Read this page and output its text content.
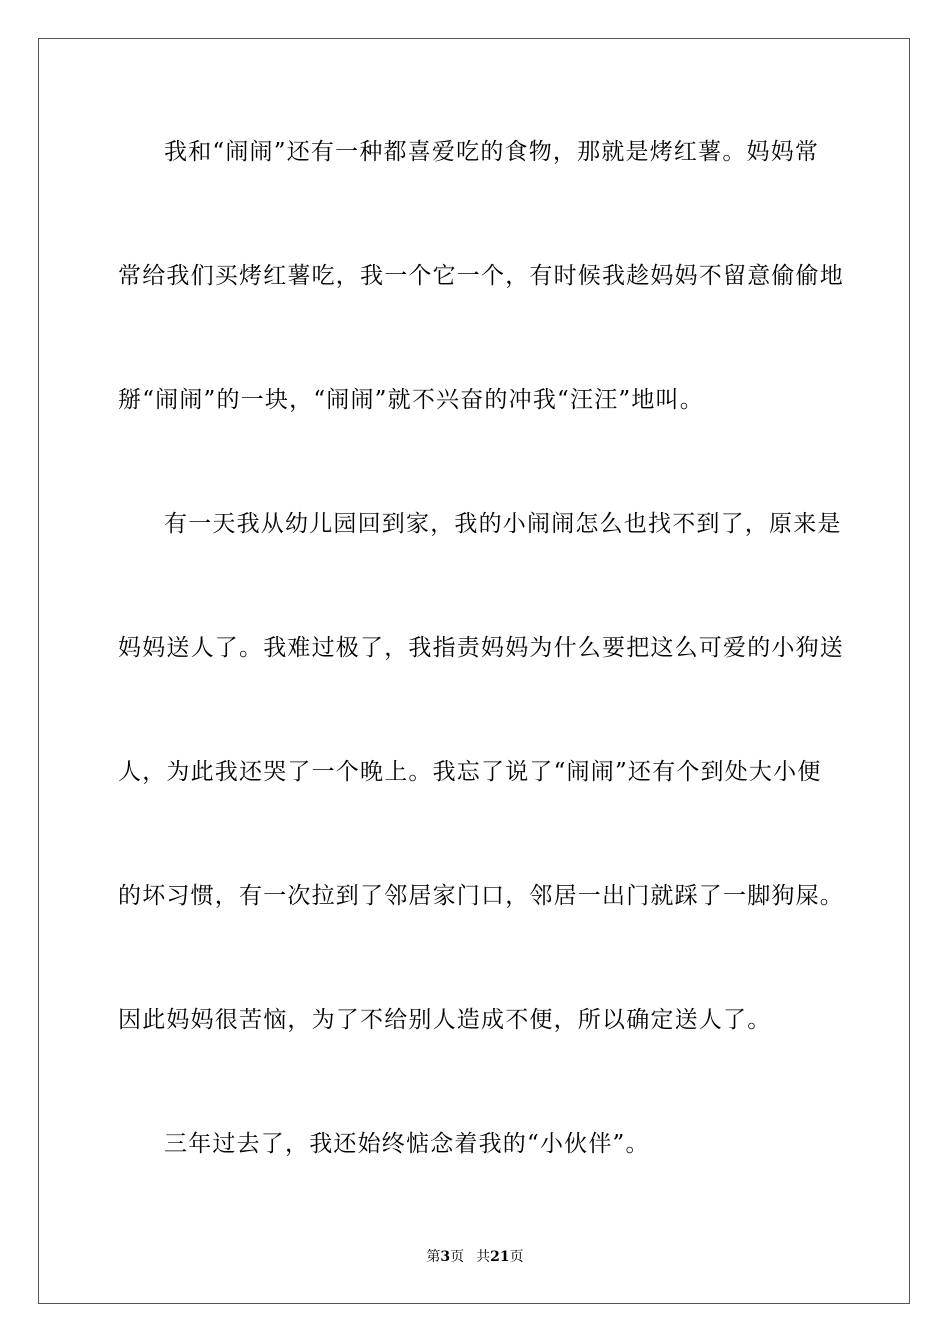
我和“闹闹”还有一种都喜爱吃的食物，那就是烤红薯。妈妈常
常给我们买烤红薯吃，我一个它一个，有时候我趁妈妈不留意偷偷地
掰“闹闹”的一块，“闹闹”就不兴奋的冲我“汪汪”地叫。
有一天我从幼儿园回到家，我的小闹闹怎么也找不到了，原来是
妈妈送人了。我难过极了，我指责妈妈为什么要把这么可爱的小狗送
人，为此我还哭了一个晚上。我忘了说了“闹闹”还有个到处大小便
的坏习惯，有一次拉到了邻居家门口，邻居一出门就踩了一脚狗屎。
因此妈妈很苦恼，为了不给别人造成不便，所以确定送人了。
三年过去了，我还始终惦念着我的“小伙伴”。
第3页 共21页
